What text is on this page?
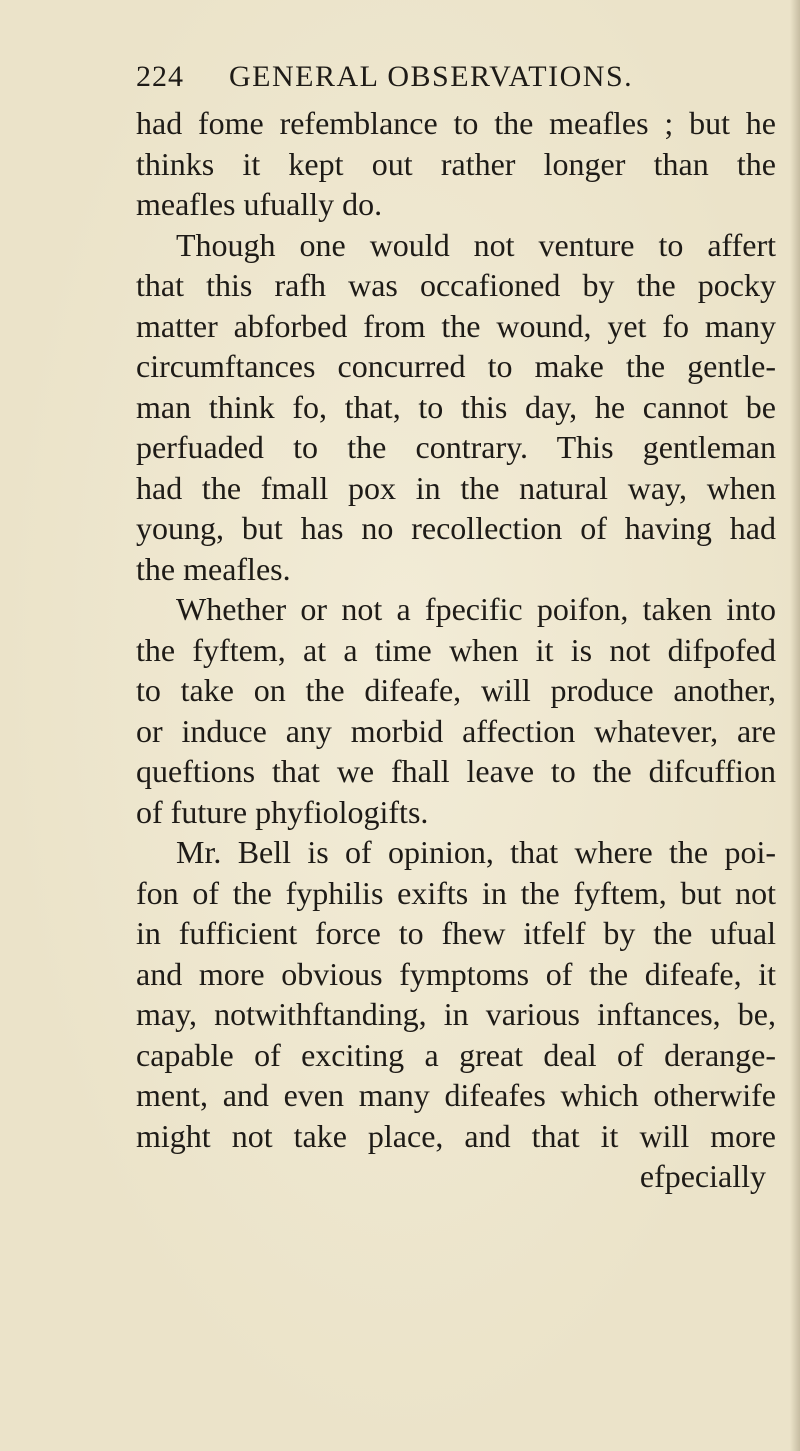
224 GENERAL OBSERVATIONS.
had fome refemblance to the meafles ; but he
thinks it kept out rather longer than the
meafles ufually do.
Though one would not venture to affert
that this rafh was occafioned by the pocky
matter abforbed from the wound, yet fo many
circumftances concurred to make the gentle-
man think fo, that, to this day, he cannot be
perfuaded to the contrary. This gentleman
had the fmall pox in the natural way, when
young, but has no recollection of having had
the meafles.
Whether or not a fpecific poifon, taken into
the fyftem, at a time when it is not difpofed
to take on the difeafe, will produce another,
or induce any morbid affection whatever, are
queftions that we fhall leave to the difcuffion
of future phyfiologifts.
Mr. Bell is of opinion, that where the poi-
fon of the fyphilis exifts in the fyftem, but not
in fufficient force to fhew itfelf by the ufual
and more obvious fymptoms of the difeafe, it
may, notwithftanding, in various inftances, be,
capable of exciting a great deal of derange-
ment, and even many difeafes which otherwife
might not take place, and that it will more
efpecially
